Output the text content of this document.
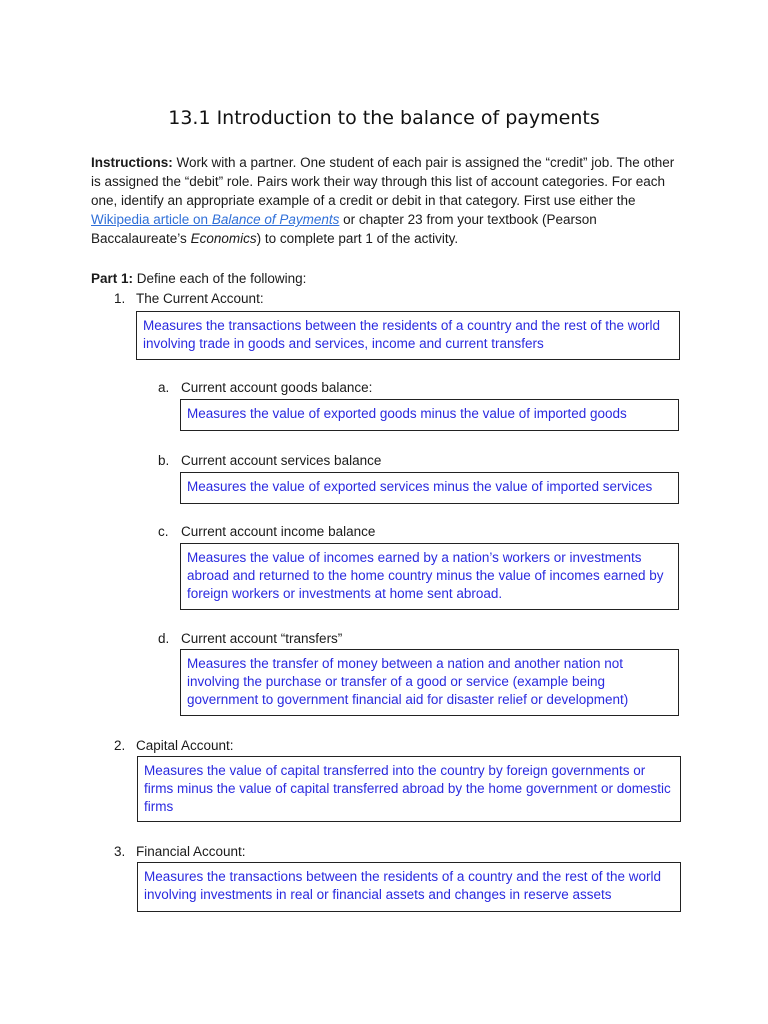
13.1 Introduction to the balance of payments
Instructions: Work with a partner. One student of each pair is assigned the “credit” job. The other is assigned the “debit” role. Pairs work their way through this list of account categories. For each one, identify an appropriate example of a credit or debit in that category. First use either the Wikipedia article on Balance of Payments or chapter 23 from your textbook (Pearson Baccalaureate’s Economics) to complete part 1 of the activity.
Part 1: Define each of the following:
1. The Current Account:
Measures the transactions between the residents of a country and the rest of the world involving trade in goods and services, income and current transfers
a. Current account goods balance:
Measures the value of exported goods minus the value of imported goods
b. Current account services balance
Measures the value of exported services minus the value of imported services
c. Current account income balance
Measures the value of incomes earned by a nation’s workers or investments abroad and returned to the home country minus the value of incomes earned by foreign workers or investments at home sent abroad.
d. Current account “transfers”
Measures the transfer of money between a nation and another nation not involving the purchase or transfer of a good or service (example being government to government financial aid for disaster relief or development)
2. Capital Account:
Measures the value of capital transferred into the country by foreign governments or firms minus the value of capital transferred abroad by the home government or domestic firms
3. Financial Account:
Measures the transactions between the residents of a country and the rest of the world involving investments in real or financial assets and changes in reserve assets
